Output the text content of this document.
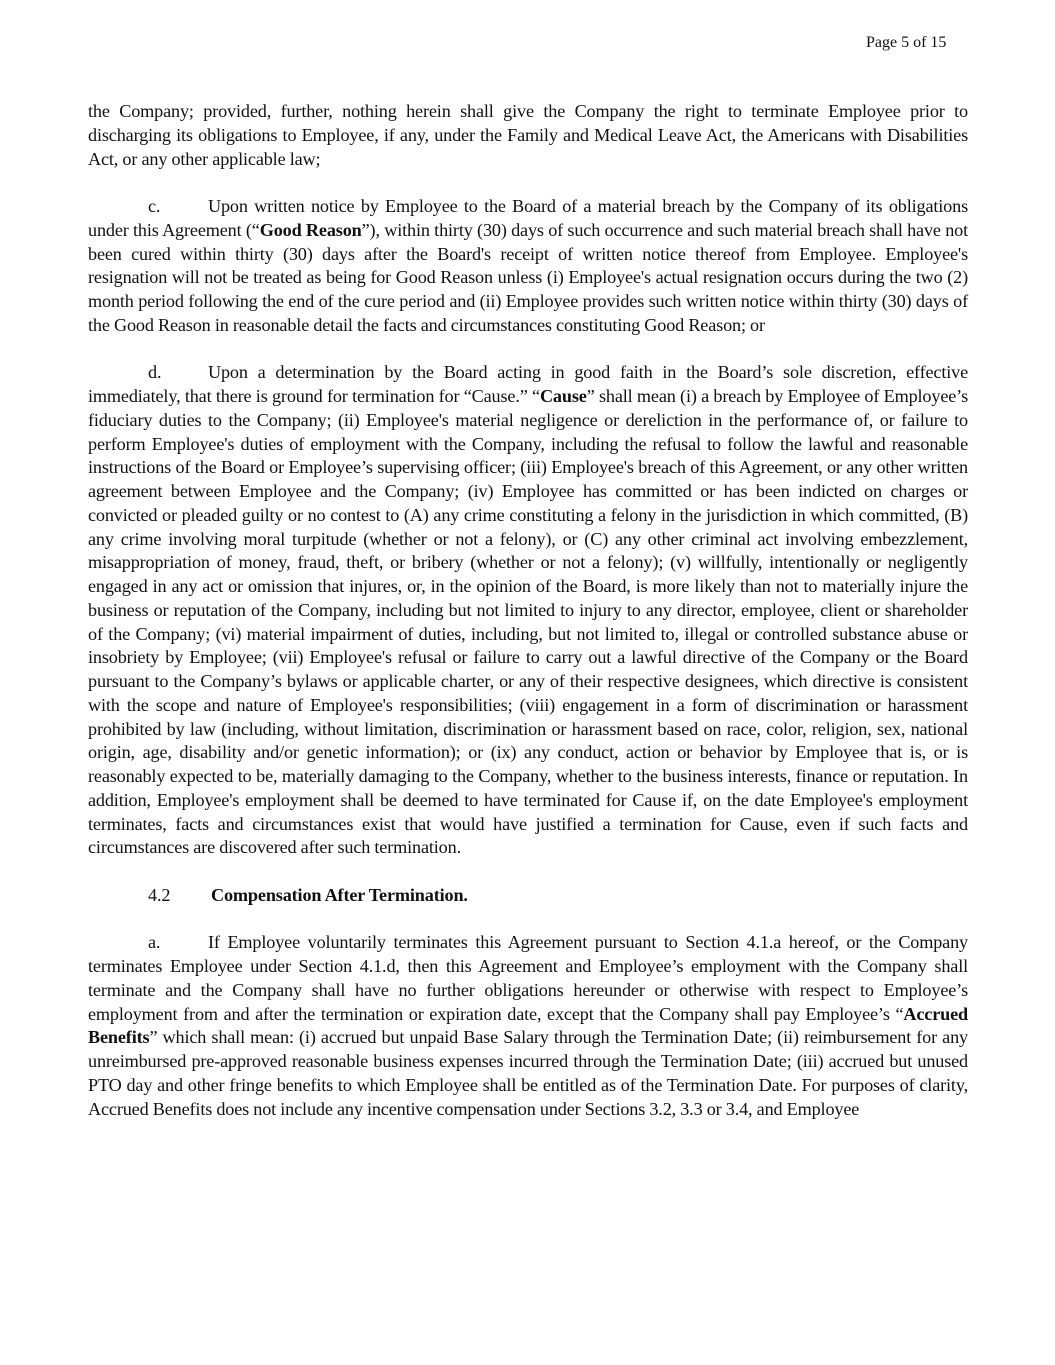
Page 5 of 15

the Company; provided, further, nothing herein shall give the Company the right to terminate Employee prior to discharging its obligations to Employee, if any, under the Family and Medical Leave Act, the Americans with Disabilities Act, or any other applicable law;

c.	Upon written notice by Employee to the Board of a material breach by the Company of its obligations under this Agreement (“Good Reason”), within thirty (30) days of such occurrence and such material breach shall have not been cured within thirty (30) days after the Board's receipt of written notice thereof from Employee. Employee's resignation will not be treated as being for Good Reason unless (i) Employee's actual resignation occurs during the two (2) month period following the end of the cure period and (ii) Employee provides such written notice within thirty (30) days of the Good Reason in reasonable detail the facts and circumstances constituting Good Reason; or

d.	Upon a determination by the Board acting in good faith in the Board’s sole discretion, effective immediately, that there is ground for termination for “Cause.” “Cause” shall mean (i) a breach by Employee of Employee’s fiduciary duties to the Company; (ii) Employee's material negligence or dereliction in the performance of, or failure to perform Employee's duties of employment with the Company, including the refusal to follow the lawful and reasonable instructions of the Board or Employee’s supervising officer; (iii) Employee's breach of this Agreement, or any other written agreement between Employee and the Company; (iv) Employee has committed or has been indicted on charges or convicted or pleaded guilty or no contest to (A) any crime constituting a felony in the jurisdiction in which committed, (B) any crime involving moral turpitude (whether or not a felony), or (C) any other criminal act involving embezzlement, misappropriation of money, fraud, theft, or bribery (whether or not a felony); (v) willfully, intentionally or negligently engaged in any act or omission that injures, or, in the opinion of the Board, is more likely than not to materially injure the business or reputation of the Company, including but not limited to injury to any director, employee, client or shareholder of the Company; (vi) material impairment of duties, including, but not limited to, illegal or controlled substance abuse or insobriety by Employee; (vii) Employee's refusal or failure to carry out a lawful directive of the Company or the Board pursuant to the Company’s bylaws or applicable charter, or any of their respective designees, which directive is consistent with the scope and nature of Employee's responsibilities; (viii) engagement in a form of discrimination or harassment prohibited by law (including, without limitation, discrimination or harassment based on race, color, religion, sex, national origin, age, disability and/or genetic information); or (ix) any conduct, action or behavior by Employee that is, or is reasonably expected to be, materially damaging to the Company, whether to the business interests, finance or reputation. In addition, Employee's employment shall be deemed to have terminated for Cause if, on the date Employee's employment terminates, facts and circumstances exist that would have justified a termination for Cause, even if such facts and circumstances are discovered after such termination.

4.2 Compensation After Termination.

a.	If Employee voluntarily terminates this Agreement pursuant to Section 4.1.a hereof, or the Company terminates Employee under Section 4.1.d, then this Agreement and Employee’s employment with the Company shall terminate and the Company shall have no further obligations hereunder or otherwise with respect to Employee’s employment from and after the termination or expiration date, except that the Company shall pay Employee’s “Accrued Benefits” which shall mean: (i) accrued but unpaid Base Salary through the Termination Date; (ii) reimbursement for any unreimbursed pre-approved reasonable business expenses incurred through the Termination Date; (iii) accrued but unused PTO day and other fringe benefits to which Employee shall be entitled as of the Termination Date. For purposes of clarity, Accrued Benefits does not include any incentive compensation under Sections 3.2, 3.3 or 3.4, and Employee
